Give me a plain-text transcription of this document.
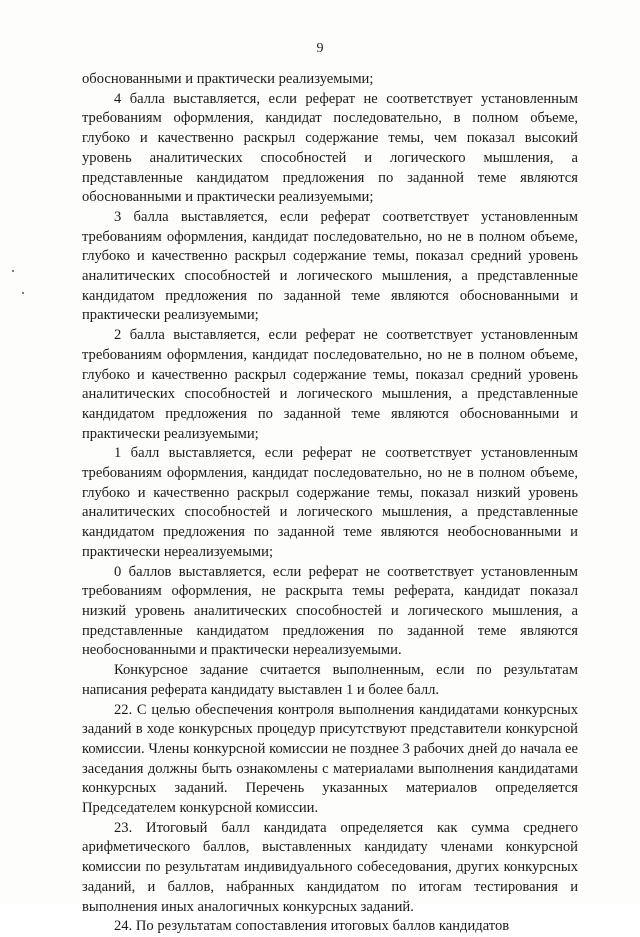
9

обоснованными и практически реализуемыми;

4 балла выставляется, если реферат не соответствует установленным требованиям оформления, кандидат последовательно, в полном объеме, глубоко и качественно раскрыл содержание темы, чем показал высокий уровень аналитических способностей и логического мышления, а представленные кандидатом предложения по заданной теме являются обоснованными и практически реализуемыми;

3 балла выставляется, если реферат соответствует установленным требованиям оформления, кандидат последовательно, но не в полном объеме, глубоко и качественно раскрыл содержание темы, показал средний уровень аналитических способностей и логического мышления, а представленные кандидатом предложения по заданной теме являются обоснованными и практически реализуемыми;

2 балла выставляется, если реферат не соответствует установленным требованиям оформления, кандидат последовательно, но не в полном объеме, глубоко и качественно раскрыл содержание темы, показал средний уровень аналитических способностей и логического мышления, а представленные кандидатом предложения по заданной теме являются обоснованными и практически реализуемыми;

1 балл выставляется, если реферат не соответствует установленным требованиям оформления, кандидат последовательно, но не в полном объеме, глубоко и качественно раскрыл содержание темы, показал низкий уровень аналитических способностей и логического мышления, а представленные кандидатом предложения по заданной теме являются необоснованными и практически нереализуемыми;

0 баллов выставляется, если реферат не соответствует установленным требованиям оформления, не раскрыта темы реферата, кандидат показал низкий уровень аналитических способностей и логического мышления, а представленные кандидатом предложения по заданной теме являются необоснованными и практически нереализуемыми.

Конкурсное задание считается выполненным, если по результатам написания реферата кандидату выставлен 1 и более балл.

22. С целью обеспечения контроля выполнения кандидатами конкурсных заданий в ходе конкурсных процедур присутствуют представители конкурсной комиссии. Члены конкурсной комиссии не позднее 3 рабочих дней до начала ее заседания должны быть ознакомлены с материалами выполнения кандидатами конкурсных заданий. Перечень указанных материалов определяется Председателем конкурсной комиссии.

23. Итоговый балл кандидата определяется как сумма среднего арифметического баллов, выставленных кандидату членами конкурсной комиссии по результатам индивидуального собеседования, других конкурсных заданий, и баллов, набранных кандидатом по итогам тестирования и выполнения иных аналогичных конкурсных заданий.

24. По результатам сопоставления итоговых баллов кандидатов
